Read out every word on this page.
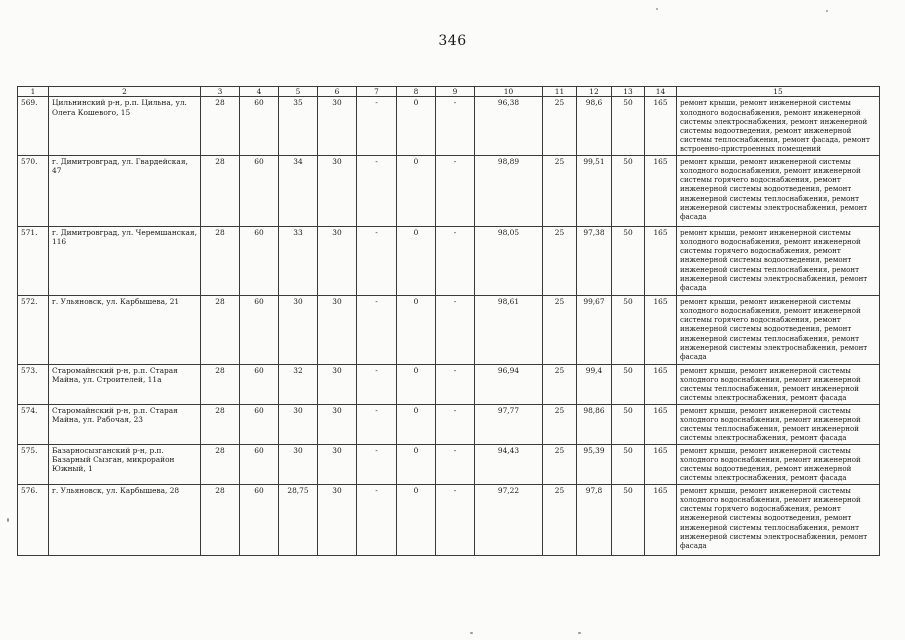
346
1	2	3	4	5	6	7	8	9	10	11	12	13	14	15
569.	Цильнинский р-н, р.п. Цильна, ул. Олега Кошевого, 15	28	60	35	30	-	0	-	96,38	25	98,6	50	165	ремонт крыши, ремонт инженерной системы холодного водоснабжения, ремонт инженерной системы электроснабжения, ремонт инженерной системы водоотведения, ремонт инженерной системы теплоснабжения, ремонт фасада, ремонт встроенно-пристроенных помещений
570.	г. Димитровград, ул. Гвардейская, 47	28	60	34	30	-	0	-	98,89	25	99,51	50	165	ремонт крыши, ремонт инженерной системы холодного водоснабжения, ремонт инженерной системы горячего водоснабжения, ремонт инженерной системы водоотведения, ремонт инженерной системы теплоснабжения, ремонт инженерной системы электроснабжения, ремонт фасада
571.	г. Димитровград, ул. Черемшанская, 116	28	60	33	30	-	0	-	98,05	25	97,38	50	165	ремонт крыши, ремонт инженерной системы холодного водоснабжения, ремонт инженерной системы горячего водоснабжения, ремонт инженерной системы водоотведения, ремонт инженерной системы теплоснабжения, ремонт инженерной системы электроснабжения, ремонт фасада
572.	г. Ульяновск, ул. Карбышева, 21	28	60	30	30	-	0	-	98,61	25	99,67	50	165	ремонт крыши, ремонт инженерной системы холодного водоснабжения, ремонт инженерной системы горячего водоснабжения, ремонт инженерной системы водоотведения, ремонт инженерной системы теплоснабжения, ремонт инженерной системы электроснабжения, ремонт фасада
573.	Старомайнский р-н, р.п. Старая Майна, ул. Строителей, 11а	28	60	32	30	-	0	-	96,94	25	99,4	50	165	ремонт крыши, ремонт инженерной системы холодного водоснабжения, ремонт инженерной системы теплоснабжения, ремонт инженерной системы электроснабжения, ремонт фасада
574.	Старомайнский р-н, р.п. Старая Майна, ул. Рабочая, 23	28	60	30	30	-	0	-	97,77	25	98,86	50	165	ремонт крыши, ремонт инженерной системы холодного водоснабжения, ремонт инженерной системы теплоснабжения, ремонт инженерной системы электроснабжения, ремонт фасада
575.	Базарносызганский р-н, р.п. Базарный Сызган, микрорайон Южный, 1	28	60	30	30	-	0	-	94,43	25	95,39	50	165	ремонт крыши, ремонт инженерной системы холодного водоснабжения, ремонт инженерной системы водоотведения, ремонт инженерной системы электроснабжения, ремонт фасада
576.	г. Ульяновск, ул. Карбышева, 28	28	60	28,75	30	-	0	-	97,22	25	97,8	50	165	ремонт крыши, ремонт инженерной системы холодного водоснабжения, ремонт инженерной системы горячего водоснабжения, ремонт инженерной системы водоотведения, ремонт инженерной системы теплоснабжения, ремонт инженерной системы электроснабжения, ремонт фасада
